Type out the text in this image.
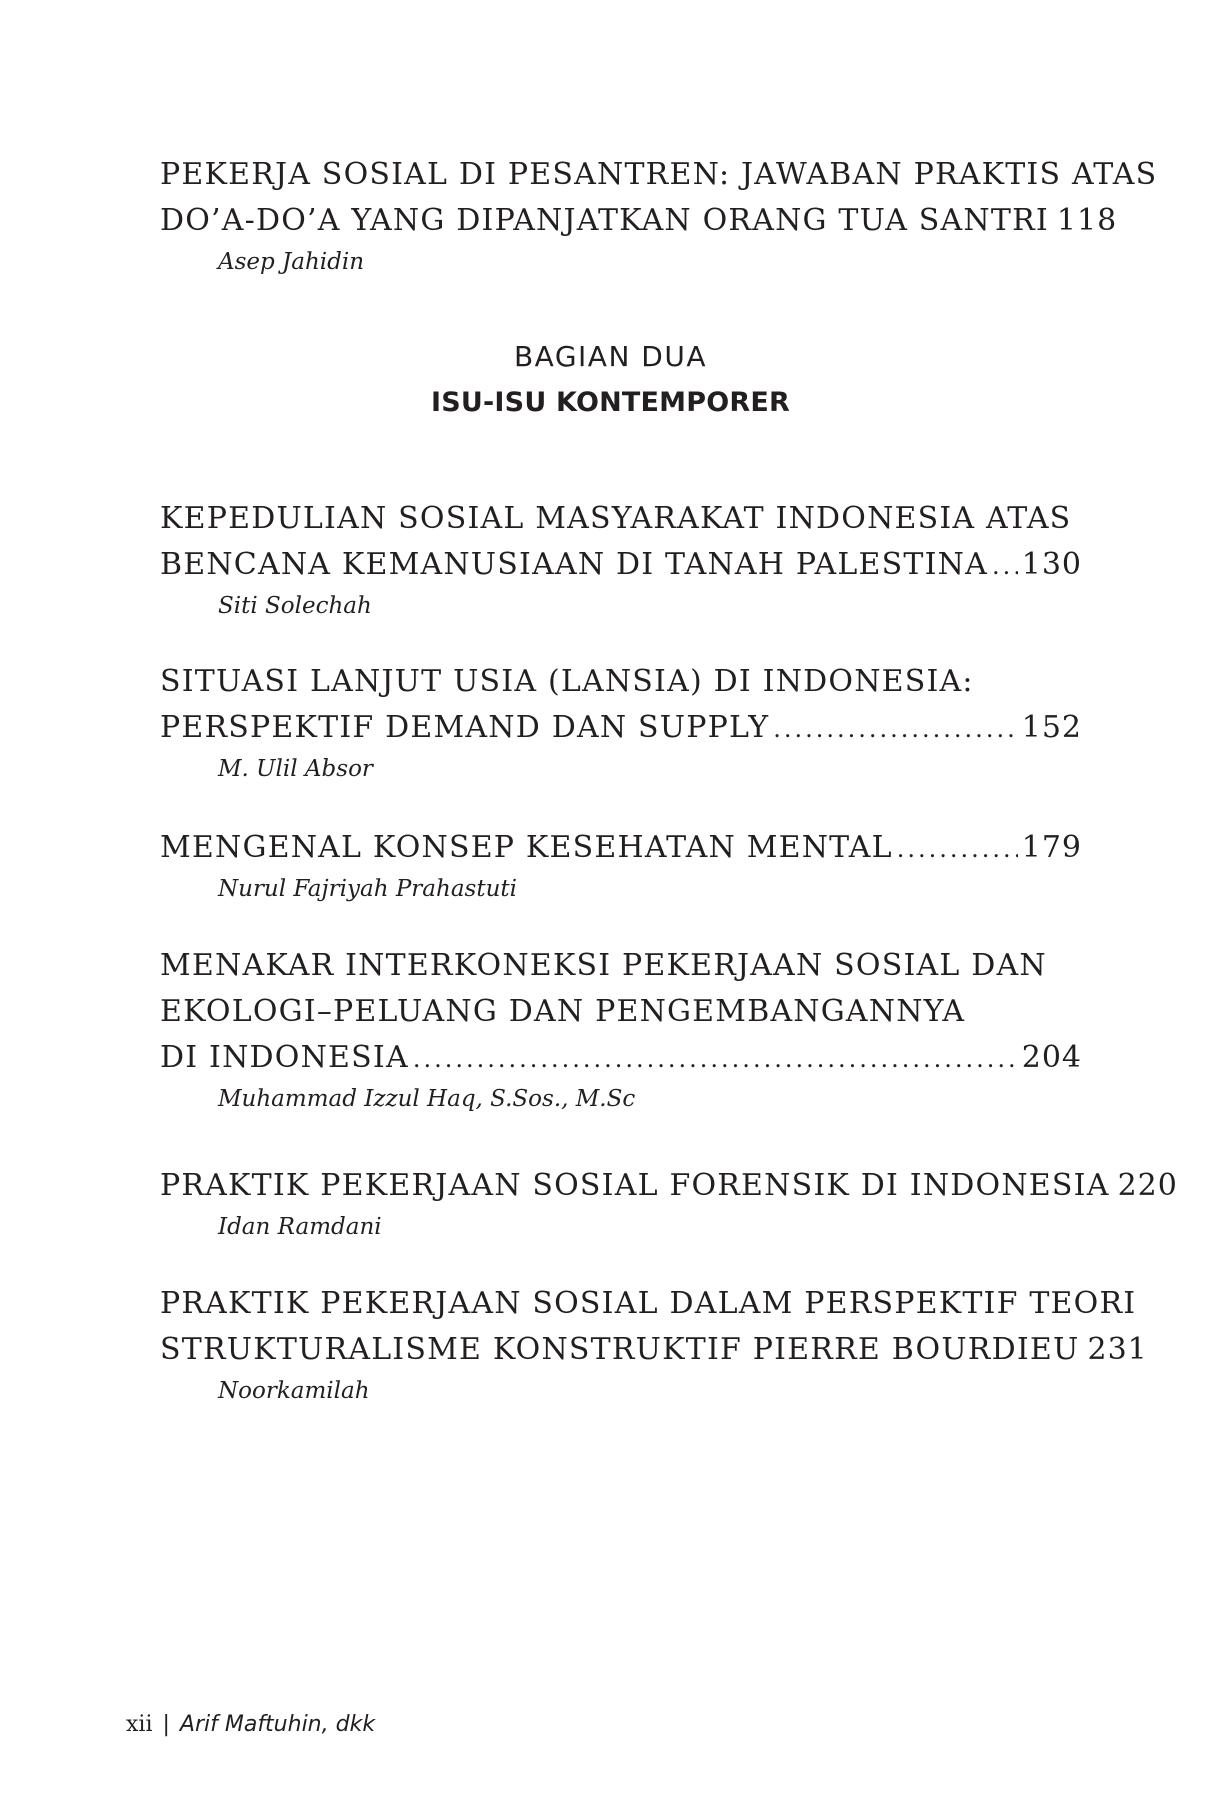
PEKERJA SOSIAL DI PESANTREN: JAWABAN PRAKTIS ATAS
DO’A-DO’A YANG DIPANJATKAN ORANG TUA SANTRI 118
Asep Jahidin
BAGIAN DUA
ISU-ISU KONTEMPORER
KEPEDULIAN SOSIAL MASYARAKAT INDONESIA ATAS
BENCANA KEMANUSIAAN DI TANAH PALESTINA ..... 130
Siti Solechah
SITUASI LANJUT USIA (LANSIA) DI INDONESIA:
PERSPEKTIF DEMAND DAN SUPPLY .....	152
M. Ulil Absor
MENGENAL KONSEP KESEHATAN MENTAL .....	179
Nurul Fajriyah Prahastuti
MENAKAR INTERKONEKSI PEKERJAAN SOSIAL DAN
EKOLOGI–PELUANG DAN PENGEMBANGANNYA
DI INDONESIA .....	204
Muhammad Izzul Haq, S.Sos., M.Sc
PRAKTIK PEKERJAAN SOSIAL FORENSIK DI INDONESIA 220
Idan Ramdani
PRAKTIK PEKERJAAN SOSIAL DALAM PERSPEKTIF TEORI
STRUKTURALISME KONSTRUKTIF PIERRE BOURDIEU 231
Noorkamilah
xii | Arif Maftuhin, dkk
